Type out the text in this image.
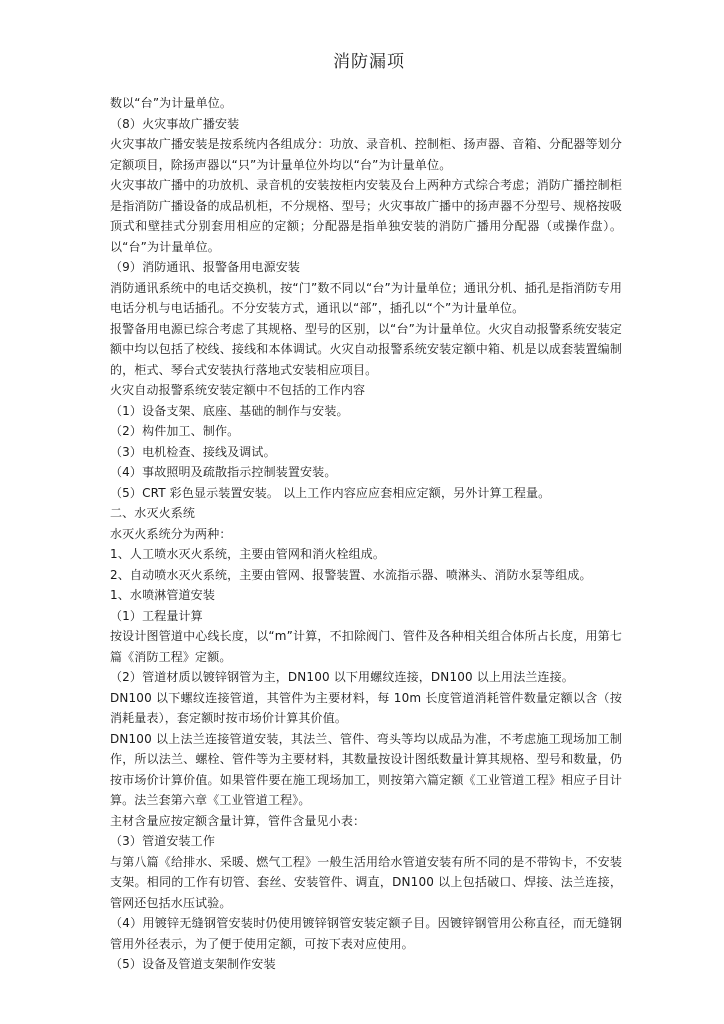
消防漏项

数以“台”为计量单位。

（8）火灾事故广播安装

火灾事故广播安装是按系统内各组成分：功放、录音机、控制柜、扬声器、音箱、分配器等划分定额项目，除扬声器以“只”为计量单位外均以“台”为计量单位。

火灾事故广播中的功放机、录音机的安装按柜内安装及台上两种方式综合考虑；消防广播控制柜是指消防广播设备的成品机柜，不分规格、型号；火灾事故广播中的扬声器不分型号、规格按吸顶式和壁挂式分别套用相应的定额；分配器是指单独安装的消防广播用分配器（或操作盘）。以“台”为计量单位。

（9）消防通讯、报警备用电源安装

消防通讯系统中的电话交换机，按“门”数不同以“台”为计量单位；通讯分机、插孔是指消防专用电话分机与电话插孔。不分安装方式，通讯以“部”，插孔以“个”为计量单位。

报警备用电源已综合考虑了其规格、型号的区别，以“台”为计量单位。火灾自动报警系统安装定额中均以包括了校线、接线和本体调试。火灾自动报警系统安装定额中箱、机是以成套装置编制的，柜式、琴台式安装执行落地式安装相应项目。

火灾自动报警系统安装定额中不包括的工作内容

（1）设备支架、底座、基础的制作与安装。

（2）构件加工、制作。

（3）电机检查、接线及调试。

（4）事故照明及疏散指示控制装置安装。

（5）CRT 彩色显示装置安装。 以上工作内容应应套相应定额，另外计算工程量。

二、水灭火系统

水灭火系统分为两种：

1、人工喷水灭火系统，主要由管网和消火栓组成。

2、自动喷水灭火系统，主要由管网、报警装置、水流指示器、喷淋头、消防水泵等组成。

1、水喷淋管道安装

（1）工程量计算

按设计图管道中心线长度，以“m”计算，不扣除阀门、管件及各种相关组合体所占长度，用第七篇《消防工程》定额。

（2）管道材质以镀锌钢管为主，DN100 以下用螺纹连接，DN100 以上用法兰连接。

DN100 以下螺纹连接管道，其管件为主要材料，每 10m 长度管道消耗管件数量定额以含（按消耗量表），套定额时按市场价计算其价值。

DN100 以上法兰连接管道安装，其法兰、管件、弯头等均以成品为准，不考虑施工现场加工制作，所以法兰、螺栓、管件等为主要材料，其数量按设计图纸数量计算其规格、型号和数量，仍按市场价计算价值。如果管件要在施工现场加工，则按第六篇定额《工业管道工程》相应子目计算。法兰套第六章《工业管道工程》。

主材含量应按定额含量计算，管件含量见小表：

（3）管道安装工作

与第八篇《给排水、采暖、燃气工程》一般生活用给水管道安装有所不同的是不带钩卡，不安装支架。相同的工作有切管、套丝、安装管件、调直，DN100 以上包括破口、焊接、法兰连接，管网还包括水压试验。

（4）用镀锌无缝钢管安装时仍使用镀锌钢管安装定额子目。因镀锌钢管用公称直径，而无缝钢管用外径表示，为了便于使用定额，可按下表对应使用。

（5）设备及管道支架制作安装
